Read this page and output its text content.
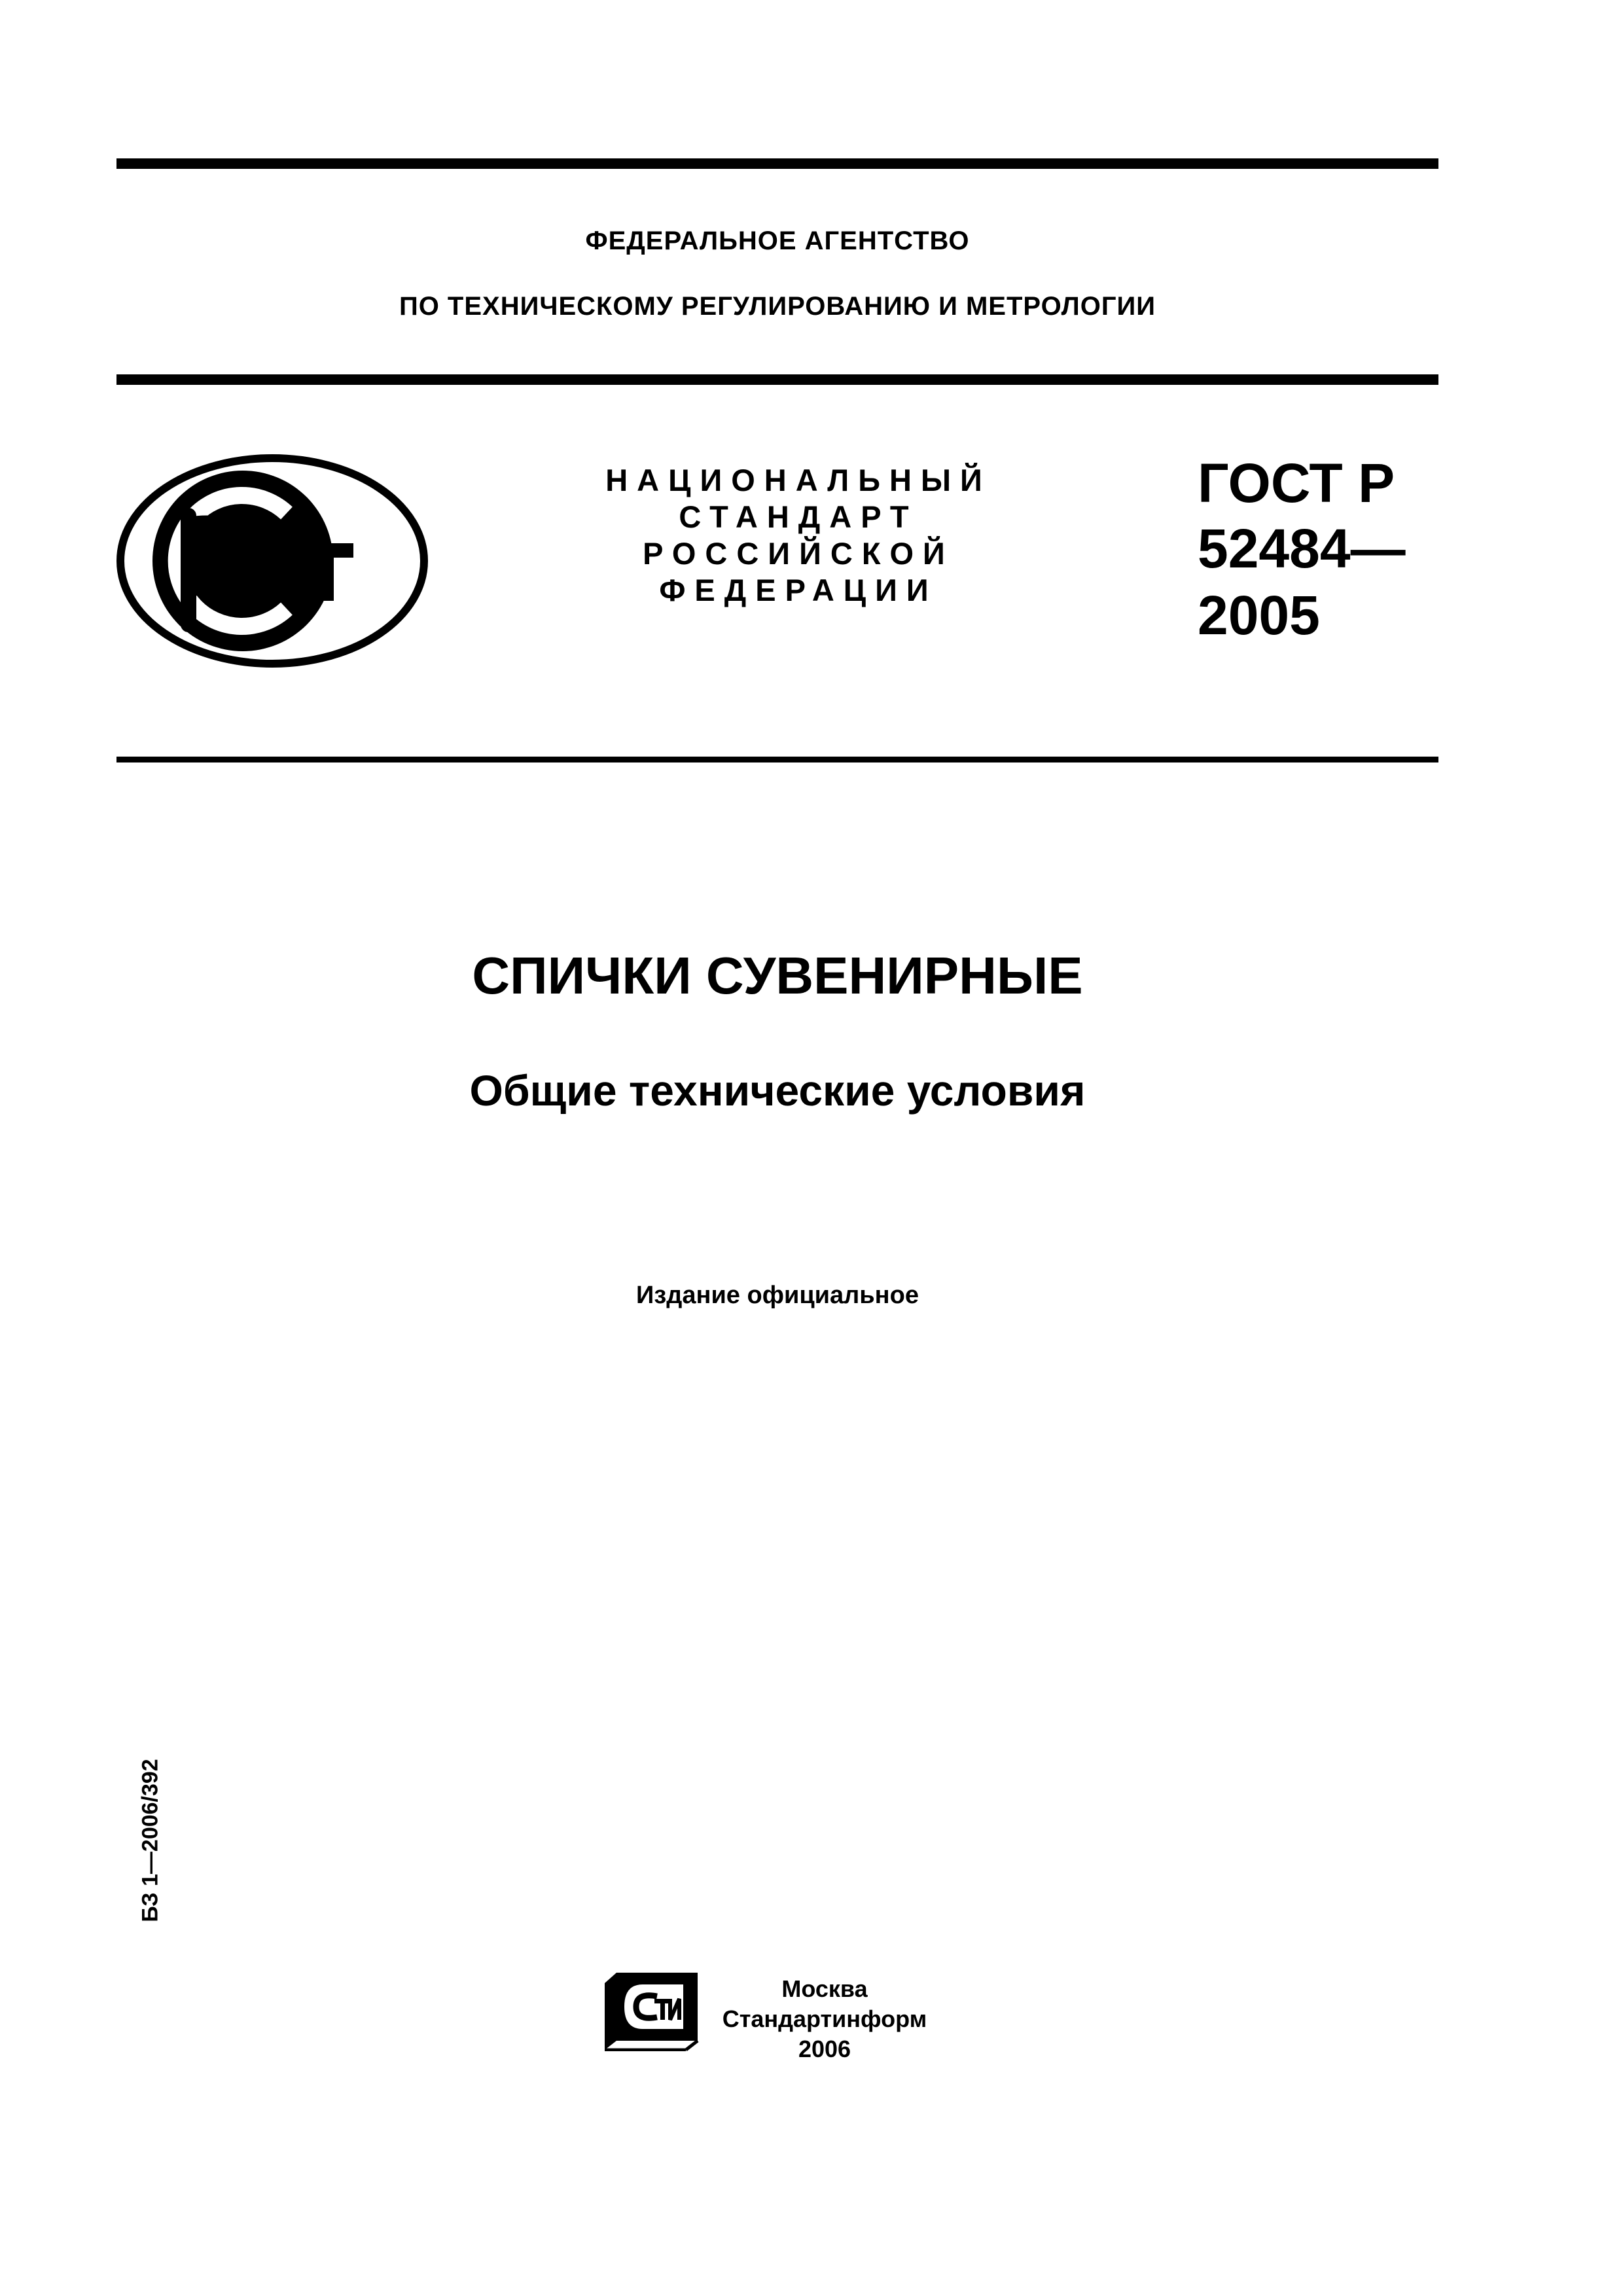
ФЕДЕРАЛЬНОЕ АГЕНТСТВО
ПО ТЕХНИЧЕСКОМУ РЕГУЛИРОВАНИЮ И МЕТРОЛОГИИ
НАЦИОНАЛЬНЫЙ
СТАНДАРТ
РОССИЙСКОЙ
ФЕДЕРАЦИИ
ГОСТ Р
52484—
2005
СПИЧКИ СУВЕНИРНЫЕ
Общие технические условия
Издание официальное
БЗ 1—2006/392
Москва
Стандартинформ
2006
